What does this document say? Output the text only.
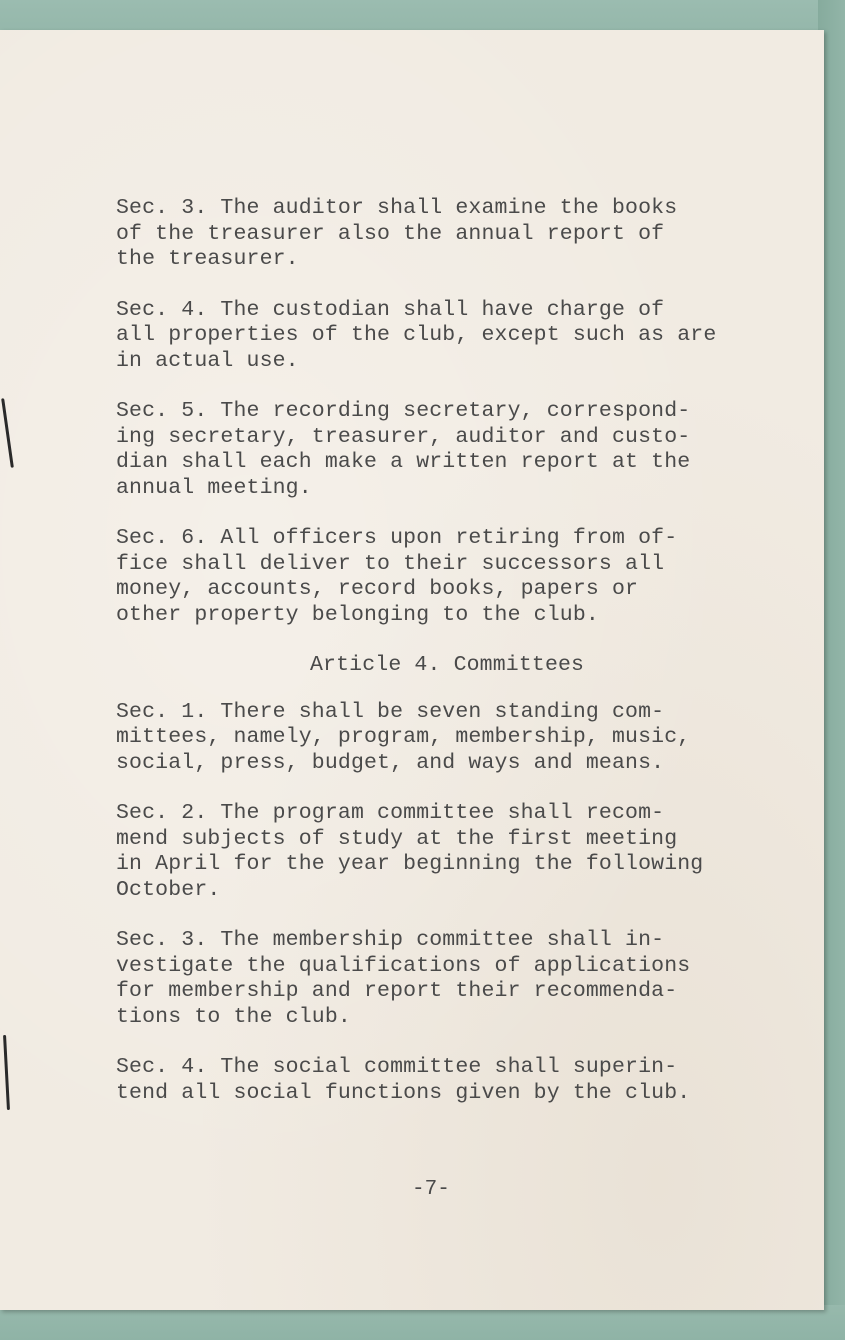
Sec. 3. The auditor shall examine the books
of the treasurer also the annual report of
the treasurer.
Sec. 4. The custodian shall have charge of
all properties of the club, except such as are
in actual use.
Sec. 5. The recording secretary, correspond-
ing secretary, treasurer, auditor and custo-
dian shall each make a written report at the
annual meeting.
Sec. 6. All officers upon retiring from of-
fice shall deliver to their successors all
money, accounts, record books, papers or
other property belonging to the club.
Article 4. Committees
Sec. 1. There shall be seven standing com-
mittees, namely, program, membership, music,
social, press, budget, and ways and means.
Sec. 2. The program committee shall recom-
mend subjects of study at the first meeting
in April for the year beginning the following
October.
Sec. 3. The membership committee shall in-
vestigate the qualifications of applications
for membership and report their recommenda-
tions to the club.
Sec. 4. The social committee shall superin-
tend all social functions given by the club.
-7-
